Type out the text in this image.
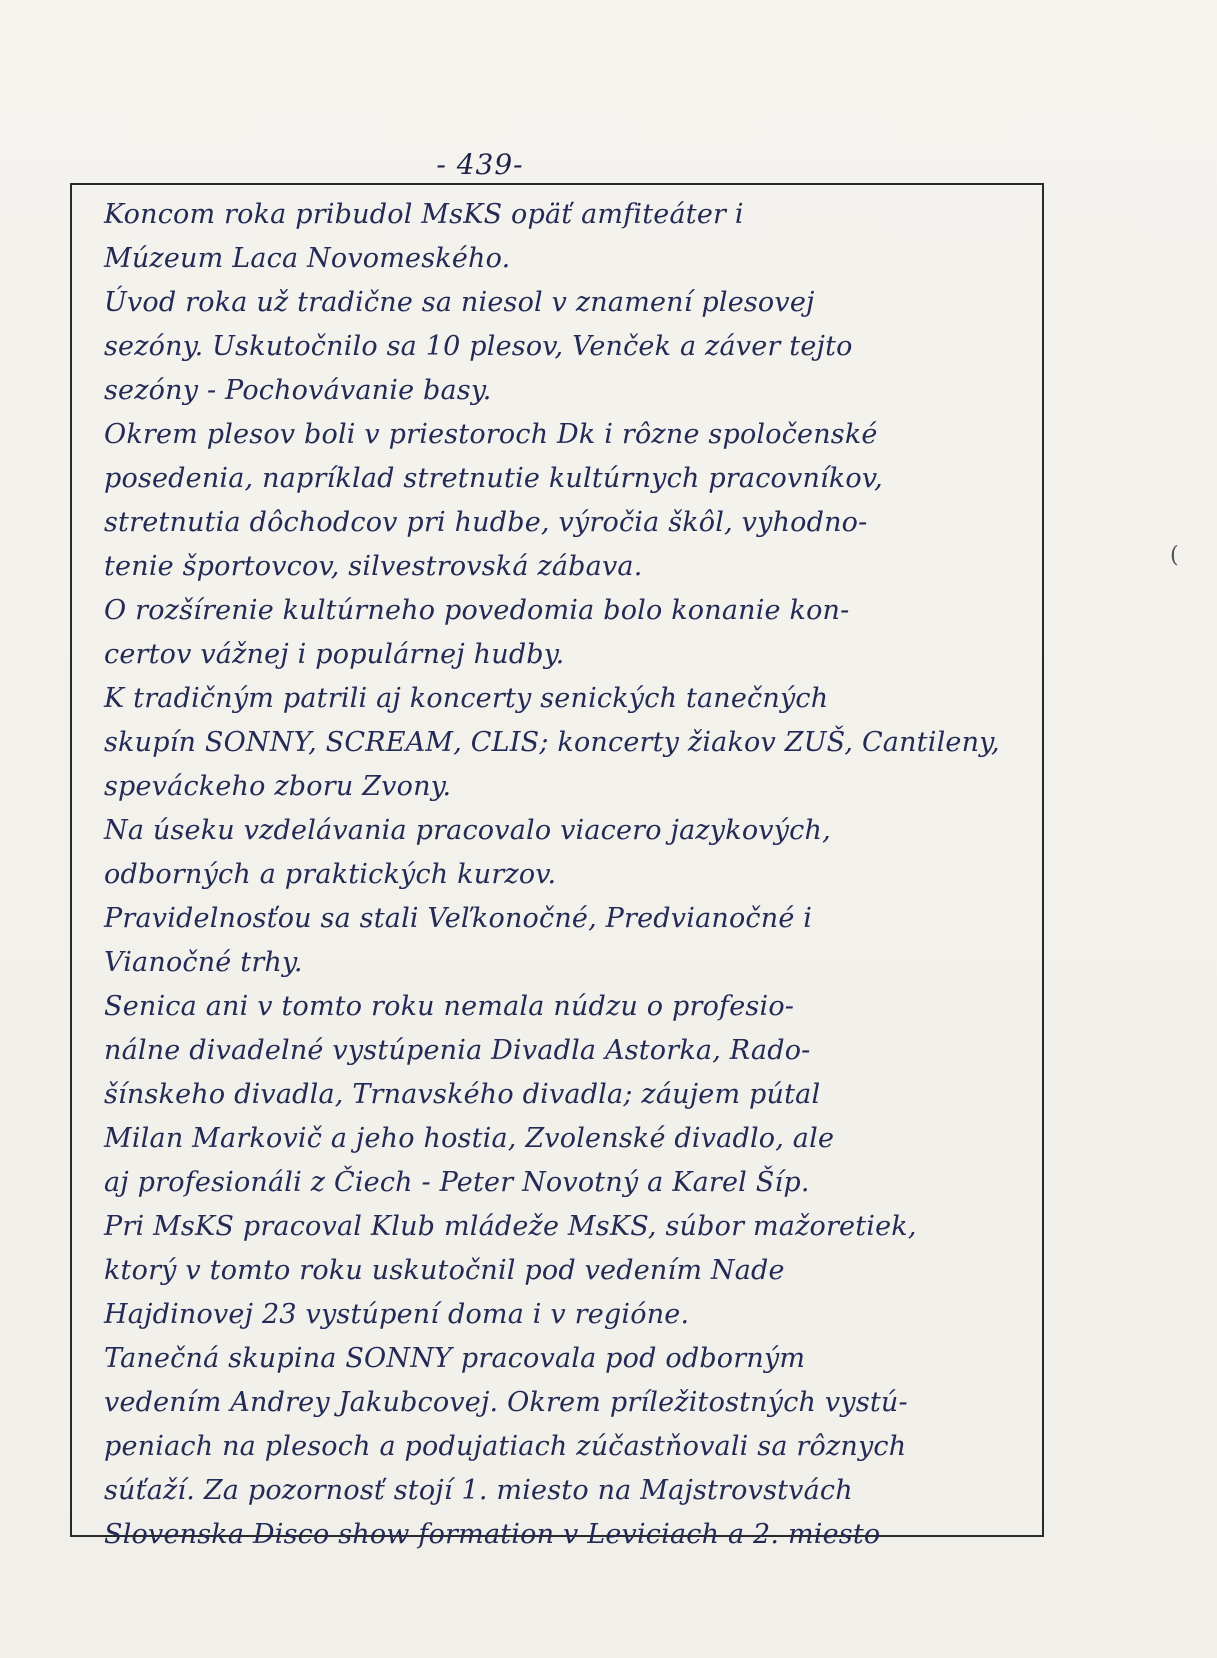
- 439-
Koncom roka pribudol MsKS opäť amfiteáter i
Múzeum Laca Novomeského.
Úvod roka už tradične sa niesol v znamení plesovej
sezóny. Uskutočnilo sa 10 plesov, Venček a záver tejto
sezóny - Pochovávanie basy.
Okrem plesov boli v priestoroch Dk i rôzne spoločenské
posedenia, napríklad stretnutie kultúrnych pracovníkov,
stretnutia dôchodcov pri hudbe, výročia škôl, vyhodno-
tenie športovcov, silvestrovská zábava.
O rozšírenie kultúrneho povedomia bolo konanie kon-
certov vážnej i populárnej hudby.
K tradičným patrili aj koncerty senických tanečných
skupín SONNY, SCREAM, CLIS; koncerty žiakov ZUŠ, Cantileny,
speváckeho zboru Zvony.
Na úseku vzdelávania pracovalo viacero jazykových,
odborných a praktických kurzov.
Pravidelnosťou sa stali Veľkonočné, Predvianočné i
Vianočné trhy.
Senica ani v tomto roku nemala núdzu o profesio-
nálne divadelné vystúpenia Divadla Astorka, Rado-
šínskeho divadla, Trnavského divadla; záujem pútal
Milan Markovič a jeho hostia, Zvolenské divadlo, ale
aj profesionáli z Čiech - Peter Novotný a Karel Šíp.
Pri MsKS pracoval Klub mládeže MsKS, súbor mažoretiek,
ktorý v tomto roku uskutočnil pod vedením Nade
Hajdinovej 23 vystúpení doma i v regióne.
Tanečná skupina SONNY pracovala pod odborným
vedením Andrey Jakubcovej. Okrem príležitostných vystú-
peniach na plesoch a podujatiach zúčastňovali sa rôznych
súťaží. Za pozornosť stojí 1. miesto na Majstrovstvách
Slovenska Disco show formation v Leviciach a 2. miesto
(
